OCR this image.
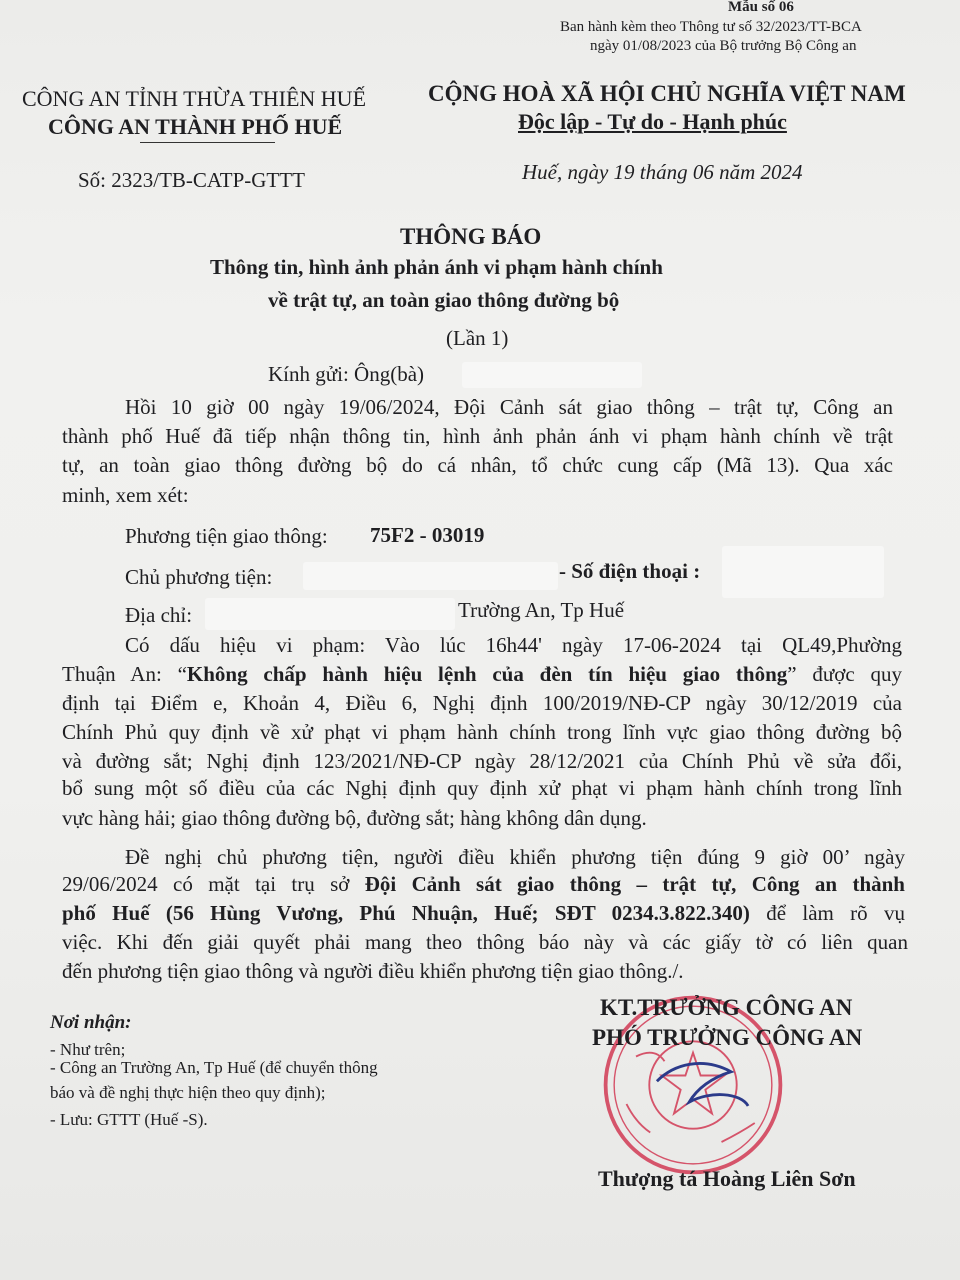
Mẫu số 06
Ban hành kèm theo Thông tư số 32/2023/TT-BCA
ngày 01/08/2023 của Bộ trưởng Bộ Công an
CÔNG AN TỈNH THỪA THIÊN HUẾ
CÔNG AN THÀNH PHỐ HUẾ
Số: 2323/TB-CATP-GTTT
CỘNG HOÀ XÃ HỘI CHỦ NGHĨA VIỆT NAM
Độc lập - Tự do - Hạnh phúc
Huế, ngày 19 tháng 06 năm 2024
THÔNG BÁO
Thông tin, hình ảnh phản ánh vi phạm hành chính
về trật tự, an toàn giao thông đường bộ
(Lần 1)
Kính gửi: Ông(bà)
Hồi 10 giờ 00 ngày 19/06/2024, Đội Cảnh sát giao thông – trật tự, Công an
thành phố Huế đã tiếp nhận thông tin, hình ảnh phản ánh vi phạm hành chính về trật
tự, an toàn giao thông đường bộ do cá nhân, tổ chức cung cấp (Mã 13). Qua xác
minh, xem xét:
Phương tiện giao thông: 75F2 - 03019
Chủ phương tiện:	- Số điện thoại :
Địa chỉ:	Trường An, Tp Huế
Có dấu hiệu vi phạm: Vào lúc 16h44' ngày 17-06-2024 tại QL49,Phường
Thuận An: “Không chấp hành hiệu lệnh của đèn tín hiệu giao thông” được quy
định tại Điểm e, Khoản 4, Điều 6, Nghị định 100/2019/NĐ-CP ngày 30/12/2019 của
Chính Phủ quy định về xử phạt vi phạm hành chính trong lĩnh vực giao thông đường bộ
và đường sắt; Nghị định 123/2021/NĐ-CP ngày 28/12/2021 của Chính Phủ về sửa đổi,
bổ sung một số điều của các Nghị định quy định xử phạt vi phạm hành chính trong lĩnh
vực hàng hải; giao thông đường bộ, đường sắt; hàng không dân dụng.
Đề nghị chủ phương tiện, người điều khiển phương tiện đúng 9 giờ 00’ ngày
29/06/2024 có mặt tại trụ sở Đội Cảnh sát giao thông – trật tự, Công an thành
phố Huế (56 Hùng Vương, Phú Nhuận, Huế; SĐT 0234.3.822.340) để làm rõ vụ
việc. Khi đến giải quyết phải mang theo thông báo này và các giấy tờ có liên quan
đến phương tiện giao thông và người điều khiển phương tiện giao thông./.
Nơi nhận:
- Như trên;
- Công an Trường An, Tp Huế (để chuyển thông
báo và đề nghị thực hiện theo quy định);
- Lưu: GTTT (Huế -S).
KT.TRƯỞNG CÔNG AN
PHÓ TRƯỞNG CÔNG AN
Thượng tá Hoàng Liên Sơn
